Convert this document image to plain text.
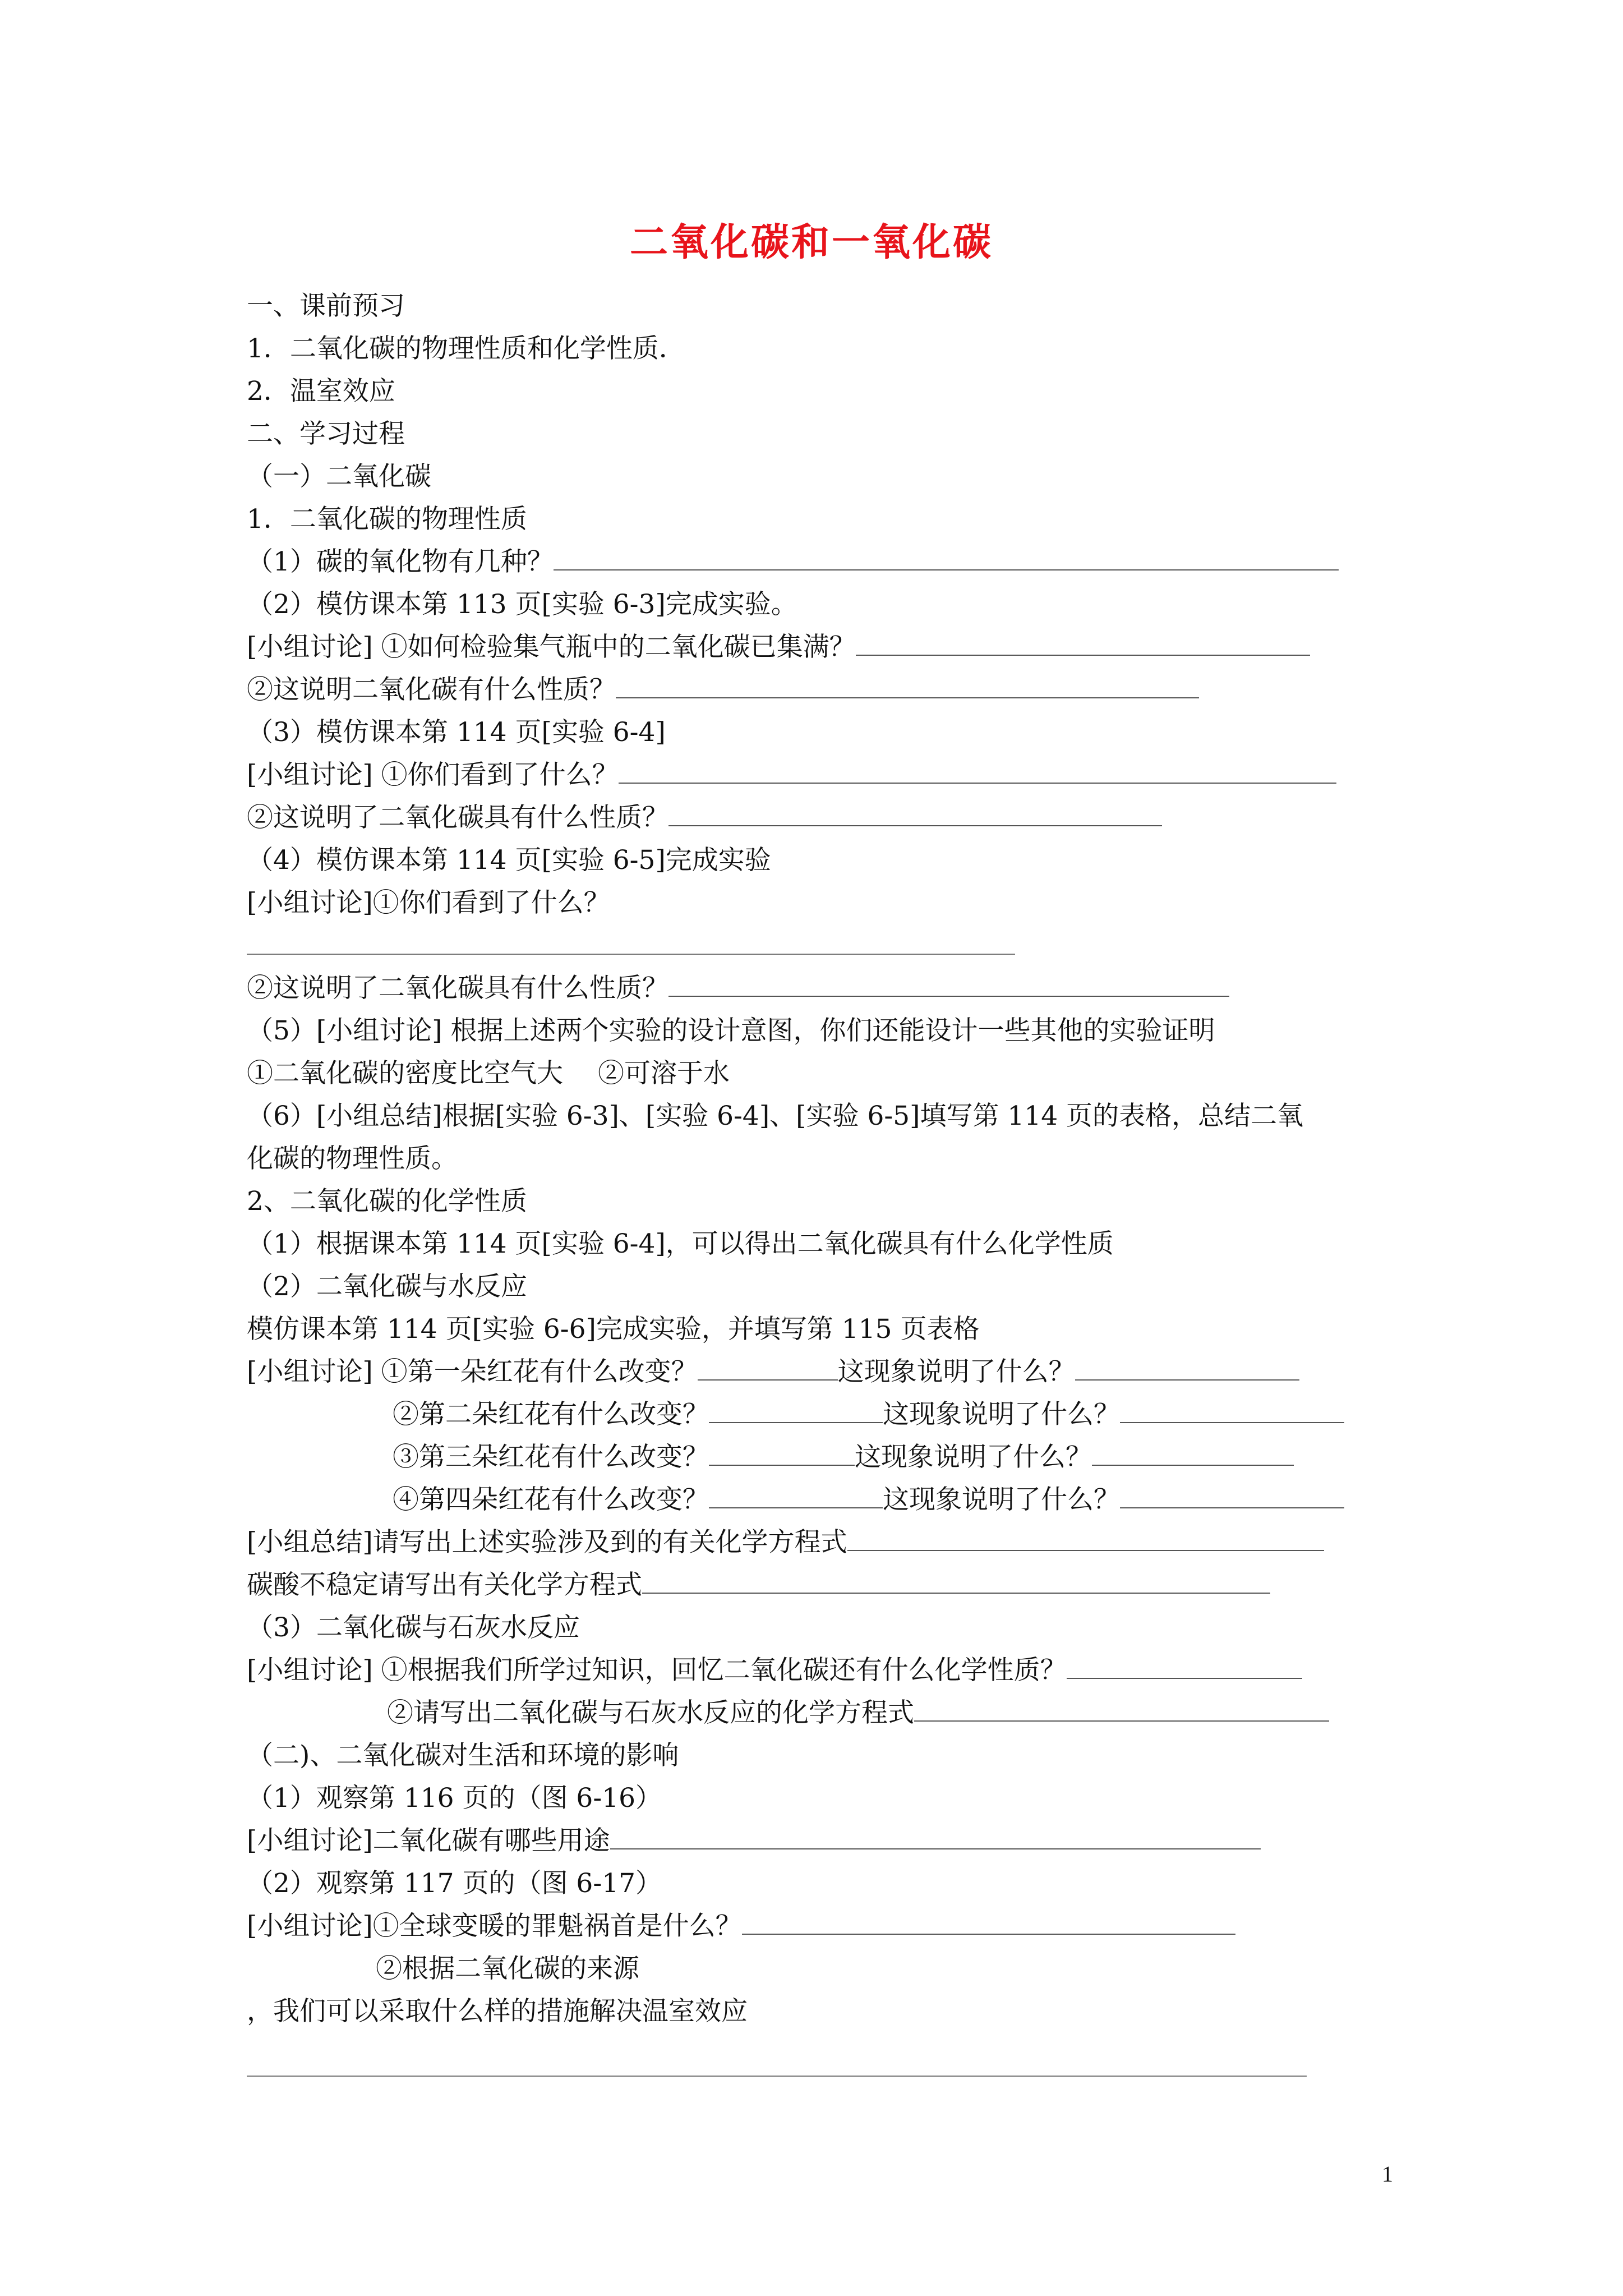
二氧化碳和一氧化碳
一、课前预习
1．二氧化碳的物理性质和化学性质．
2．温室效应
二、学习过程
（一）二氧化碳
1．二氧化碳的物理性质
（1）碳的氧化物有几种？
（2）模仿课本第 113 页[实验 6-3]完成实验。
[小组讨论] ①如何检验集气瓶中的二氧化碳已集满？
②这说明二氧化碳有什么性质？
（3）模仿课本第 114 页[实验 6-4]
[小组讨论] ①你们看到了什么？
②这说明了二氧化碳具有什么性质？
（4）模仿课本第 114 页[实验 6-5]完成实验
[小组讨论]①你们看到了什么？
②这说明了二氧化碳具有什么性质？
（5）[小组讨论] 根据上述两个实验的设计意图，你们还能设计一些其他的实验证明
①二氧化碳的密度比空气大　 ②可溶于水
（6）[小组总结]根据[实验 6-3]、[实验 6-4]、[实验 6-5]填写第 114 页的表格，总结二氧
化碳的物理性质。
2、二氧化碳的化学性质
（1）根据课本第 114 页[实验 6-4]，可以得出二氧化碳具有什么化学性质
（2）二氧化碳与水反应
模仿课本第 114 页[实验 6-6]完成实验，并填写第 115 页表格
[小组讨论] ①第一朵红花有什么改变？	这现象说明了什么？
②第二朵红花有什么改变？	这现象说明了什么？
③第三朵红花有什么改变？	这现象说明了什么？
④第四朵红花有什么改变？	这现象说明了什么？
[小组总结]请写出上述实验涉及到的有关化学方程式
碳酸不稳定请写出有关化学方程式
（3）二氧化碳与石灰水反应
[小组讨论] ①根据我们所学过知识，回忆二氧化碳还有什么化学性质？
②请写出二氧化碳与石灰水反应的化学方程式
（二)、二氧化碳对生活和环境的影响
（1）观察第 116 页的（图 6-16）
[小组讨论]二氧化碳有哪些用途
（2）观察第 117 页的（图 6-17）
[小组讨论]①全球变暖的罪魁祸首是什么？
②根据二氧化碳的来源
，我们可以采取什么样的措施解决温室效应
1
